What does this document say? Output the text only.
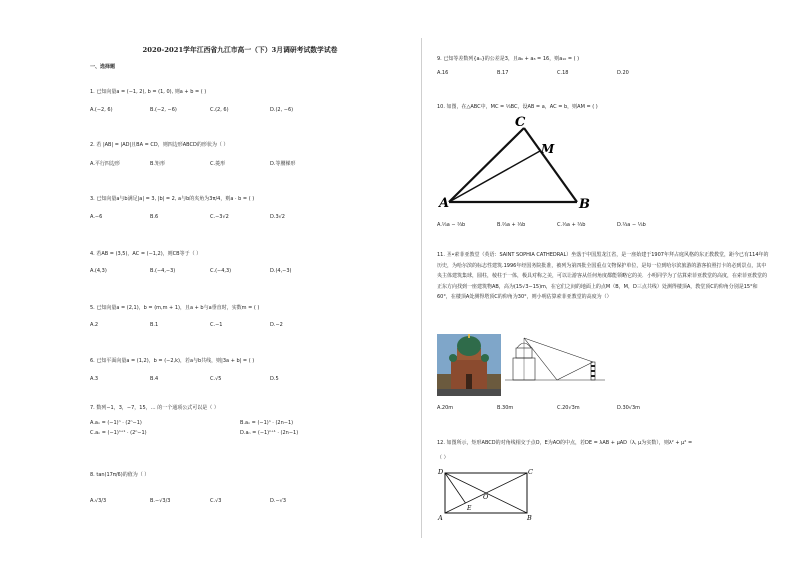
2020-2021学年江西省九江市高一（下）3月调研考试数学试卷
一、选择题
1. 已知向量a = (−1, 2), b = (1, 0), 则a + b = ( )
A.(−2, 6)	B.(−2, −6)	C.(2, 6)	D.(2, −6)
2. 若 |AB| = |AD|且BA = CD，则四边形ABCD的形状为（ ）
A.平行四边形	B.矩形	C.菱形	D.等腰梯形
3. 已知向量a与b满足|a| = 3, |b| = 2, a与b的夹角为3π/4，则a · b = ( )
A.−6	B.6	C.−3√2	D.3√2
4. 若AB = (3,5)，AC = (−1,2)，则CB等于（ ）
A.(4,3)	B.(−4,−3)	C.(−4,3)	D.(4,−3)
5. 已知向量a = (2,1)，b = (m,m + 1)，且a + b与a垂直时，实数m = ( )
A.2	B.1	C.−1	D.−2
6. 已知平面向量a = (1,2)，b = (−2,k)，若a与b共线，则|3a + b| = ( )
A.3	B.4	C.√5	D.5
7. 数列−1，3，−7，15，… 的一个通项公式可以是（ ）
A.aₙ = (−1)ⁿ · (2ⁿ−1)	B.aₙ = (−1)ⁿ · (2n−1)
C.aₙ = (−1)ⁿ⁺¹ · (2ⁿ−1)	D.aₙ = (−1)ⁿ⁺¹ · (2n−1)
8. tan(17π/6)的值为（ ）
A.√3/3	B.−√3/3	C.√3	D.−√3
9. 已知等差数列{aₙ}的公差是3，且a₆ + a₈ = 16，则a₁₀ = ( )
A.16	B.17	C.18	D.20
10. 如图，在△ABC中，MC = ⅓BC，设AB = a，AC = b，则AM = ( )
A	B
C
M
A.⅓a − ⅔b	B.⅔a + ⅓b	C.⅓a + ⅔b	D.⅔a − ⅓b
11. 圣•索菲亚教堂（英语：SAINT SOPHIA CATHEDRAL）坐落于中国黑龙江省，是一座始建于1907年拜占庭风格的东正教教堂，距今已有114年的历史，为哈尔滨的标志性建筑.1996年经国务院批准，被列为第四批全国重点文物保护单位，是每一位到哈尔滨旅游的游客拍照打卡的必到景点，其中央主体建筑集球，圆柱，棱柱于一体，极具对称之美，可以让游客从任何角度都能领略它的美．小明同学为了估算索菲亚教堂的高度，在索菲亚教堂的正东方向找到一座建筑物AB，高为(15√3−15)m，在它们之间的地面上的点M（B，M，D三点共线）处测得楼顶A，教堂顶C的仰角分别是15°和60°，在楼顶A处测得塔顶C的仰角为30°，则小明估算索菲亚教堂的高度为（）
A.20m	B.30m	C.20√3m	D.30√3m
12. 如图所示，矩形ABCD的对角线相交于点O，E为AO的中点，若DE = λAB + μAD（λ, μ为实数），则λ² + μ² =
（ ）
D	C
A	B
O
E
